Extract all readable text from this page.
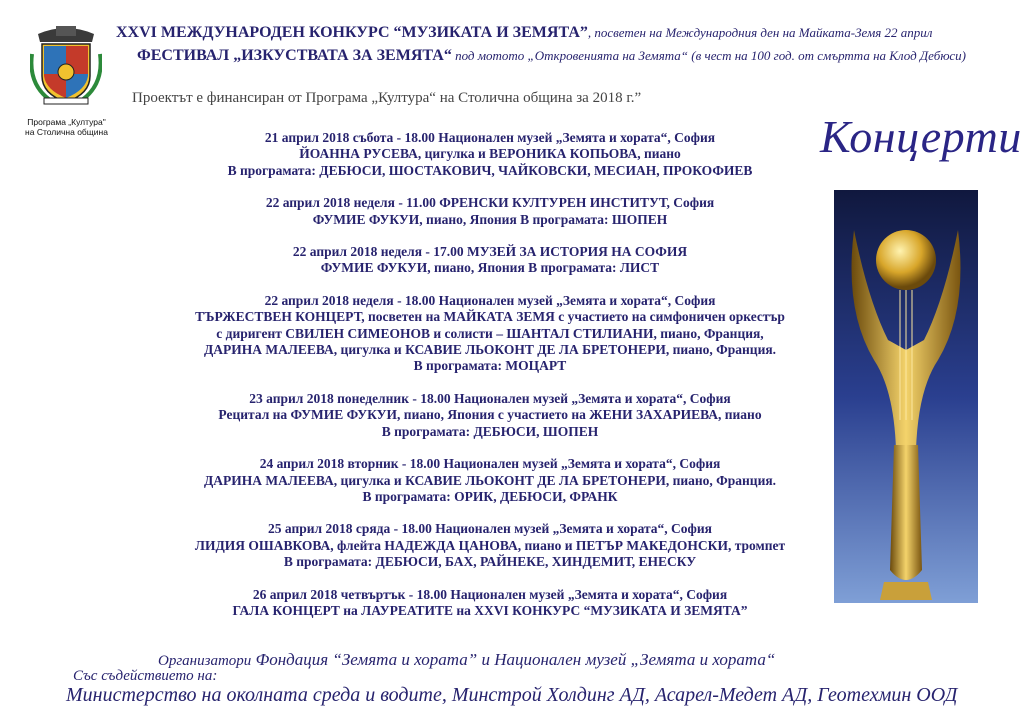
Програма „Култура"
на Столична община
XXVI МЕЖДУНАРОДЕН КОНКУРС “МУЗИКАТА И ЗЕМЯТА”, посветен на Международния ден на Майката-Земя 22 април
ФЕСТИВАЛ „ИЗКУСТВАТА ЗА ЗЕМЯТА“ под мотото „Откровенията на Земята“ (в чест на 100 год. от смъртта на Клод Дебюси)
Проектът е финансиран от Програма „Култура“ на Столична община за 2018 г.”
Концерти
21 април 2018 събота - 18.00 Национален музей „Земята и хората“, София
ЙОАННА РУСЕВА, цигулка и ВЕРОНИКА КОПЬОВА, пиано
В програмата: ДЕБЮСИ, ШОСТАКОВИЧ, ЧАЙКОВСКИ, МЕСИАН, ПРОКОФИЕВ
22 април 2018 неделя - 11.00 ФРЕНСКИ КУЛТУРЕН ИНСТИТУТ, София
ФУМИЕ ФУКУИ, пиано, Япония В програмата: ШОПЕН
22 април 2018 неделя - 17.00 МУЗЕЙ ЗА ИСТОРИЯ НА СОФИЯ
ФУМИЕ ФУКУИ, пиано, Япония В програмата: ЛИСТ
22 април 2018 неделя - 18.00 Национален музей „Земята и хората“, София
ТЪРЖЕСТВЕН КОНЦЕРТ, посветен на МАЙКАТА ЗЕМЯ с участието на симфоничен оркестър
с диригент СВИЛЕН СИМЕОНОВ и солисти – ШАНТАЛ СТИЛИАНИ, пиано, Франция,
ДАРИНА МАЛЕЕВА, цигулка и КСАВИЕ ЛЬОКОНТ ДЕ ЛА БРЕТОНЕРИ, пиано, Франция.
В програмата: МОЦАРТ
23 април 2018 понеделник - 18.00 Национален музей „Земята и хората“, София
Рецитал на ФУМИЕ ФУКУИ, пиано, Япония с участието на ЖЕНИ ЗАХАРИЕВА, пиано
В програмата: ДЕБЮСИ, ШОПЕН
24 април 2018 вторник - 18.00 Национален музей „Земята и хората“, София
ДАРИНА МАЛЕЕВА, цигулка и КСАВИЕ ЛЬОКОНТ ДЕ ЛА БРЕТОНЕРИ, пиано, Франция.
В програмата: ОРИК, ДЕБЮСИ, ФРАНК
25 април 2018 сряда - 18.00 Национален музей „Земята и хората“, София
ЛИДИЯ ОШАВКОВА, флейта НАДЕЖДА ЦАНОВА, пиано и ПЕТЪР МАКЕДОНСКИ, тромпет
В програмата: ДЕБЮСИ, БАХ, РАЙНЕКЕ, ХИНДЕМИТ, ЕНЕСКУ
26 април 2018 четвъртък - 18.00 Национален музей „Земята и хората“, София
ГАЛА КОНЦЕРТ на ЛАУРЕАТИТЕ на XXVI КОНКУРС “МУЗИКАТА И ЗЕМЯТА”
Организатори Фондация “Земята и хората” и Национален музей „Земята и хората“
Със съдействието на:
Министерство на околната среда и водите, Минстрой Холдинг АД, Асарел-Медет АД, Геотехмин ООД
